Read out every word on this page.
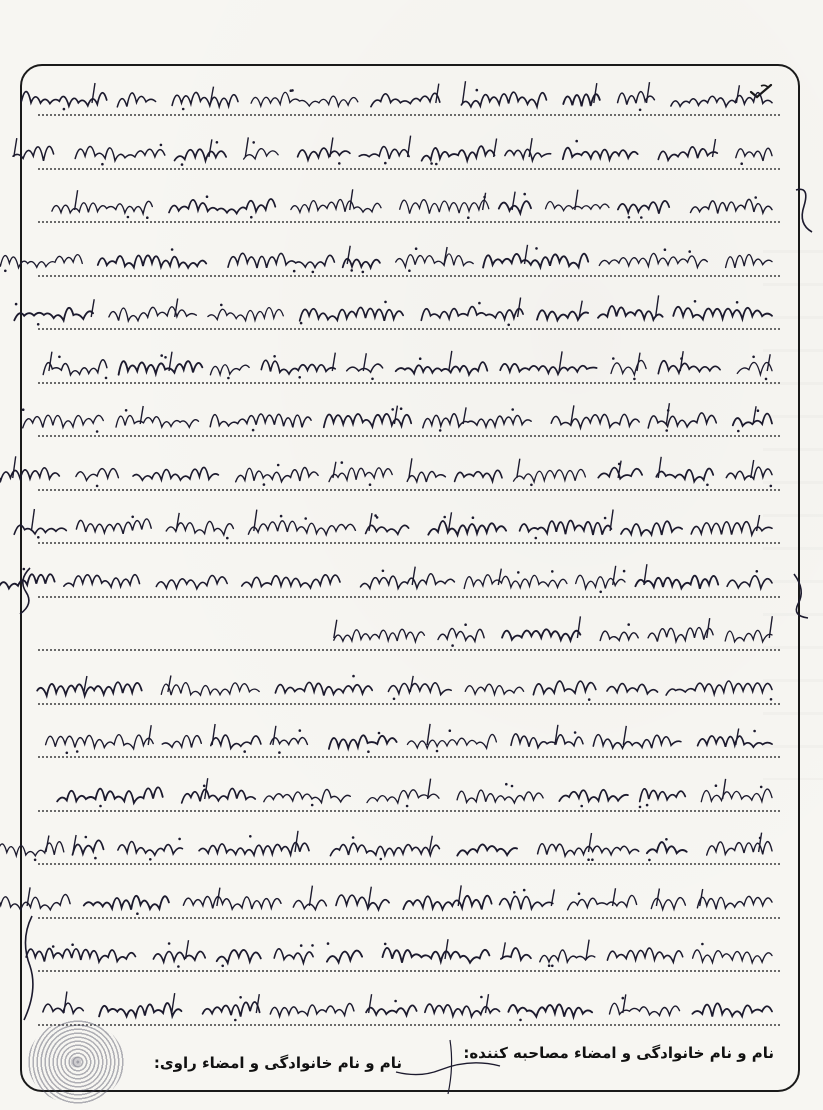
نام و نام خانوادگی و امضاء مصاحبه کننده:
نام و نام خانوادگی و امضاء راوی:
